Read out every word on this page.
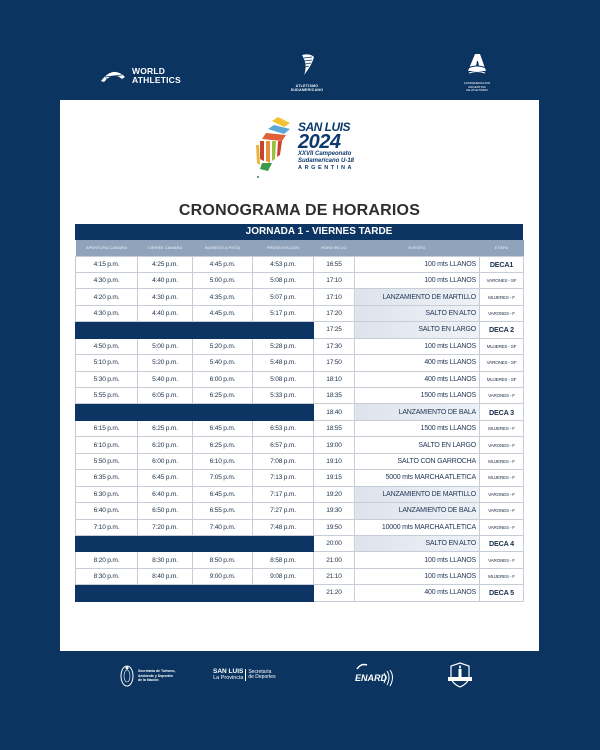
WORLD
ATHLETICS
ATLETISMO
SUDAMERICANO
CONFEDERACION ARGENTINA
DE ATLETISMO
SAN LUIS
2024
XXVII Campeonato
Sudamericano U-18
ARGENTINA
CRONOGRAMA DE HORARIOS
JORNADA 1 - VIERNES TARDE
APERTURA CAMARA	CIERRE CAMARA	INGRESO A PISTA	PRESENTACION	HORA INICIO	EVENTO	ETAPA
4:15 p.m.	4:25 p.m.	4:45 p.m.	4:53 p.m.	16:55	100 mts LLANOS	DECA1
4:30 p.m.	4:40 p.m.	5:00 p.m.	5:08 p.m.	17:10	100 mts LLANOS	VARONES - SF
4:20 p.m.	4:30 p.m.	4:35 p.m.	5:07 p.m.	17:10	LANZAMIENTO DE MARTILLO	MUJERES - F
4:30 p.m.	4:40 p.m.	4:45 p.m.	5:17 p.m.	17:20	SALTO EN ALTO	VARONES - F
				17:25	SALTO EN LARGO	DECA 2
4:50 p.m.	5:00 p.m.	5:20 p.m.	5:28 p.m.	17:30	100 mts LLANOS	MUJERES - SF
5:10 p.m.	5:20 p.m.	5:40 p.m.	5:48 p.m.	17:50	400 mts LLANOS	VARONES - SF
5:30 p.m.	5:40 p.m.	6:00 p.m.	5:08 p.m.	18:10	400 mts LLANOS	MUJERES - SF
5:55 p.m.	6:05 p.m.	6:25 p.m.	5:33 p.m.	18:35	1500 mts LLANOS	VARONES - F
				18:40	LANZAMIENTO DE BALA	DECA 3
6:15 p.m.	6:25 p.m.	6:45 p.m.	6:53 p.m.	18:55	1500 mts LLANOS	MUJERES - F
6:10 p.m.	6:20 p.m.	6:25 p.m.	6:57 p.m.	19:00	SALTO EN LARGO	VARONES - F
5:50 p.m.	6:00 p.m.	6:10 p.m.	7:08 p.m.	19:10	SALTO CON GARROCHA	MUJERES - F
6:35 p.m.	6:45 p.m.	7:05 p.m.	7:13 p.m.	19:15	5000 mts MARCHA ATLETICA	MUJERES - F
6:30 p.m.	6:40 p.m.	6:45 p.m.	7:17 p.m.	19:20	LANZAMIENTO DE MARTILLO	VARONES - F
6:40 p.m.	6:50 p.m.	6:55 p.m.	7:27 p.m.	19:30	LANZAMIENTO DE BALA	VARONES - F
7:10 p.m.	7:20 p.m.	7:40 p.m.	7:48 p.m.	19:50	10000 mts MARCHA ATLETICA	VARONES - F
				20:00	SALTO EN ALTO	DECA 4
8:20 p.m.	8:30 p.m.	8:50 p.m.	8:58 p.m.	21:00	100 mts LLANOS	VARONES - F
8:30 p.m.	8:40 p.m.	9:00 p.m.	9:08 p.m.	21:10	100 mts LLANOS	MUJERES - F
				21:20	400 mts LLANOS	DECA 5
Secretaría de Turismo,
Ambiente y Deportes
de la Nación
SAN LUIS
La Provincia
Secretaría
de Deportes	ENARD
